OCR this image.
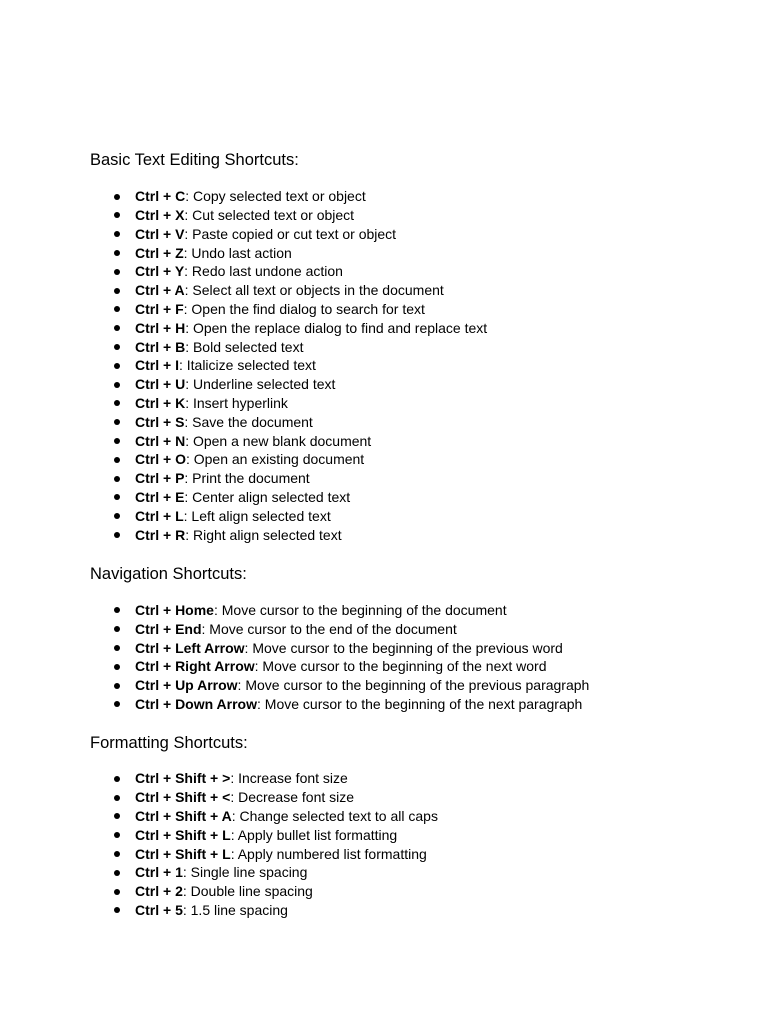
Basic Text Editing Shortcuts:
Ctrl + C: Copy selected text or object
Ctrl + X: Cut selected text or object
Ctrl + V: Paste copied or cut text or object
Ctrl + Z: Undo last action
Ctrl + Y: Redo last undone action
Ctrl + A: Select all text or objects in the document
Ctrl + F: Open the find dialog to search for text
Ctrl + H: Open the replace dialog to find and replace text
Ctrl + B: Bold selected text
Ctrl + I: Italicize selected text
Ctrl + U: Underline selected text
Ctrl + K: Insert hyperlink
Ctrl + S: Save the document
Ctrl + N: Open a new blank document
Ctrl + O: Open an existing document
Ctrl + P: Print the document
Ctrl + E: Center align selected text
Ctrl + L: Left align selected text
Ctrl + R: Right align selected text
Navigation Shortcuts:
Ctrl + Home: Move cursor to the beginning of the document
Ctrl + End: Move cursor to the end of the document
Ctrl + Left Arrow: Move cursor to the beginning of the previous word
Ctrl + Right Arrow: Move cursor to the beginning of the next word
Ctrl + Up Arrow: Move cursor to the beginning of the previous paragraph
Ctrl + Down Arrow: Move cursor to the beginning of the next paragraph
Formatting Shortcuts:
Ctrl + Shift + >: Increase font size
Ctrl + Shift + <: Decrease font size
Ctrl + Shift + A: Change selected text to all caps
Ctrl + Shift + L: Apply bullet list formatting
Ctrl + Shift + L: Apply numbered list formatting
Ctrl + 1: Single line spacing
Ctrl + 2: Double line spacing
Ctrl + 5: 1.5 line spacing
